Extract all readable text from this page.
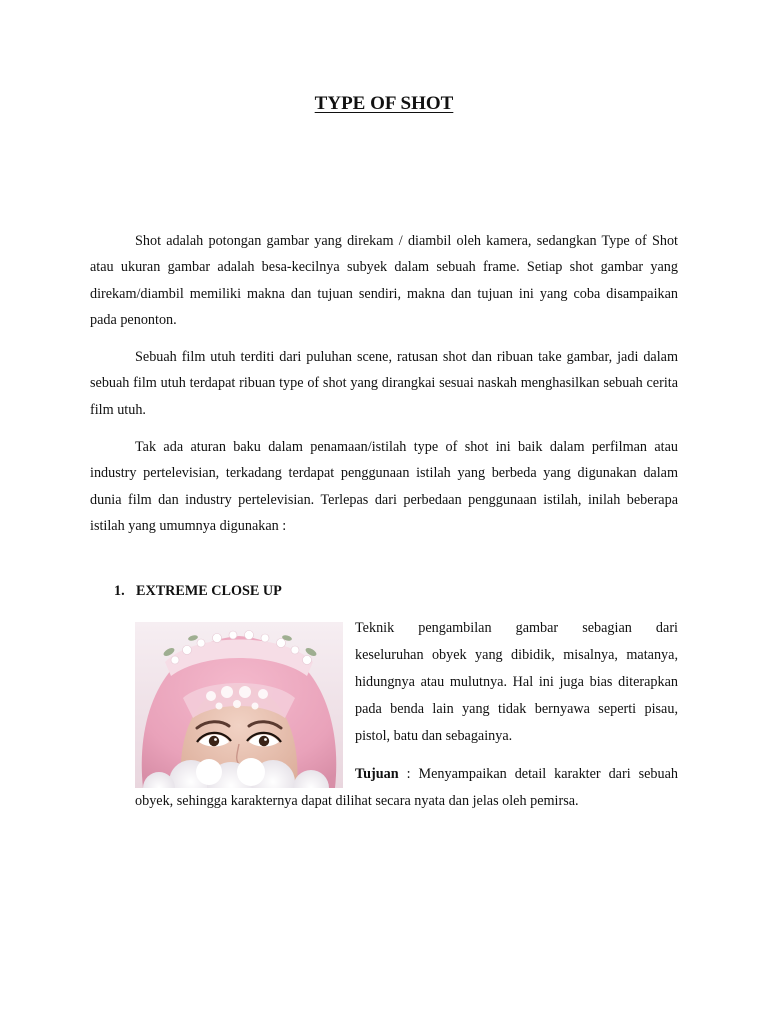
TYPE OF SHOT

Shot adalah potongan gambar yang direkam / diambil oleh kamera, sedangkan Type of Shot atau ukuran gambar adalah besa-kecilnya subyek dalam sebuah frame. Setiap shot gambar yang direkam/diambil memiliki makna dan tujuan sendiri, makna dan tujuan ini yang coba disampaikan pada penonton.

Sebuah film utuh terditi dari puluhan scene, ratusan shot dan ribuan take gambar, jadi dalam sebuah film utuh terdapat ribuan type of shot yang dirangkai sesuai naskah menghasilkan sebuah cerita film utuh.

Tak ada aturan baku dalam penamaan/istilah type of shot ini baik dalam perfilman atau industry pertelevisian, terkadang terdapat penggunaan istilah yang berbeda yang digunakan dalam dunia film dan industry pertelevisian. Terlepas dari perbedaan penggunaan istilah, inilah beberapa istilah yang umumnya digunakan :

1. EXTREME CLOSE UP

Teknik pengambilan gambar sebagian dari
keseluruhan obyek yang dibidik, misalnya, matanya,
hidungnya atau mulutnya. Hal ini juga bias diterapkan
pada benda lain yang tidak bernyawa seperti pisau,
pistol, batu dan sebagainya.

Tujuan : Menyampaikan detail karakter dari sebuah

obyek, sehingga karakternya dapat dilihat secara nyata dan jelas oleh pemirsa.
